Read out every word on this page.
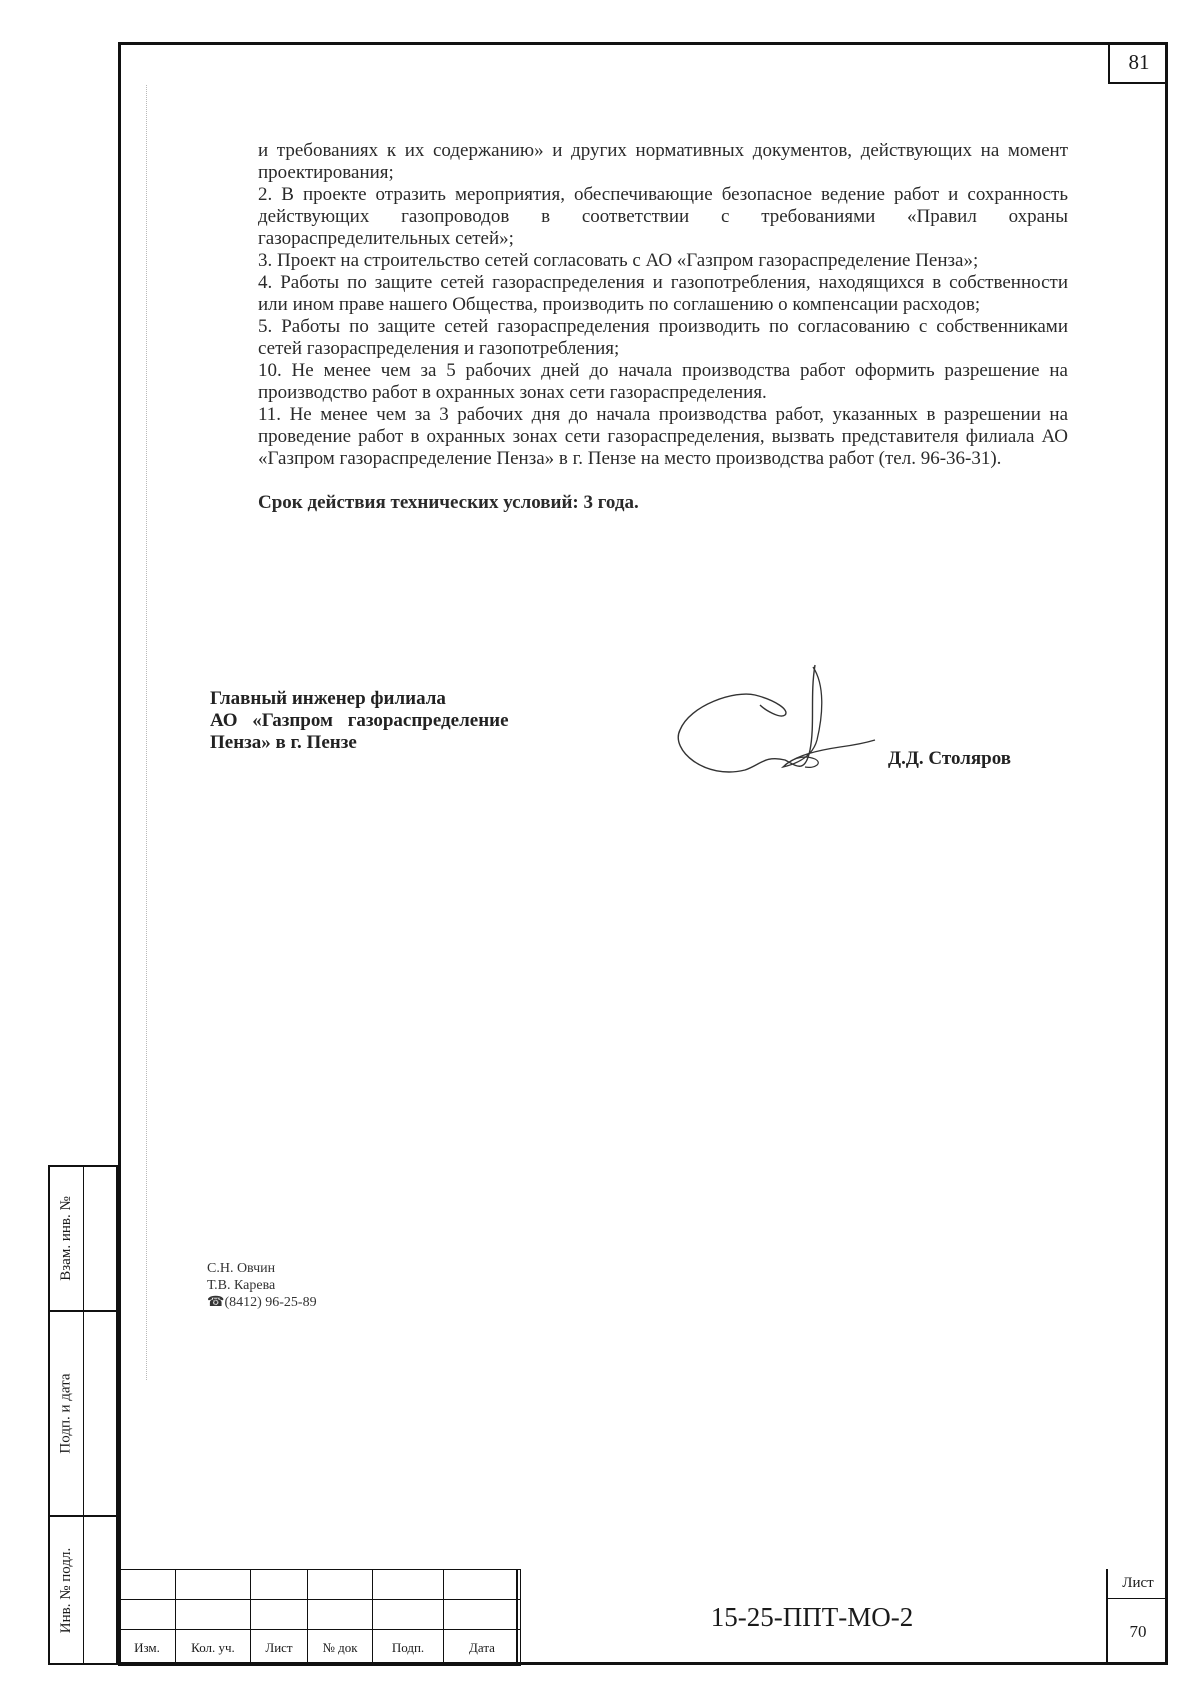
81

и требованиях к их содержанию» и других нормативных документов, действующих на момент проектирования;

2. В проекте отразить мероприятия, обеспечивающие безопасное ведение работ и сохранность действующих газопроводов в соответствии с требованиями «Правил охраны газораспределительных сетей»;

3. Проект на строительство сетей согласовать с АО «Газпром газораспределение Пенза»;

4. Работы по защите сетей газораспределения и газопотребления, находящихся в собственности или ином праве нашего Общества, производить по соглашению о компенсации расходов;

5. Работы по защите сетей газораспределения производить по согласованию с собственниками сетей газораспределения и газопотребления;

10. Не менее чем за 5 рабочих дней до начала производства работ оформить разрешение на производство работ в охранных зонах сети газораспределения.

11. Не менее чем за 3 рабочих дня до начала производства работ, указанных в разрешении на проведение работ в охранных зонах сети газораспределения, вызвать представителя филиала АО «Газпром газораспределение Пенза» в г. Пензе на место производства работ (тел. 96-36-31).

Срок действия технических условий: 3 года.

Главный инженер филиала
АО «Газпром газораспределение
Пенза» в г. Пензе
Д.Д. Столяров
С.Н. Овчин
Т.В. Карева
☎(8412) 96-25-89
Взам. инв. №
Подп. и дата
Инв. № подл.

Изм.	Кол. уч.	Лист	№ док	Подп.	Дата
15-25-ППТ-МО-2
Лист
70
